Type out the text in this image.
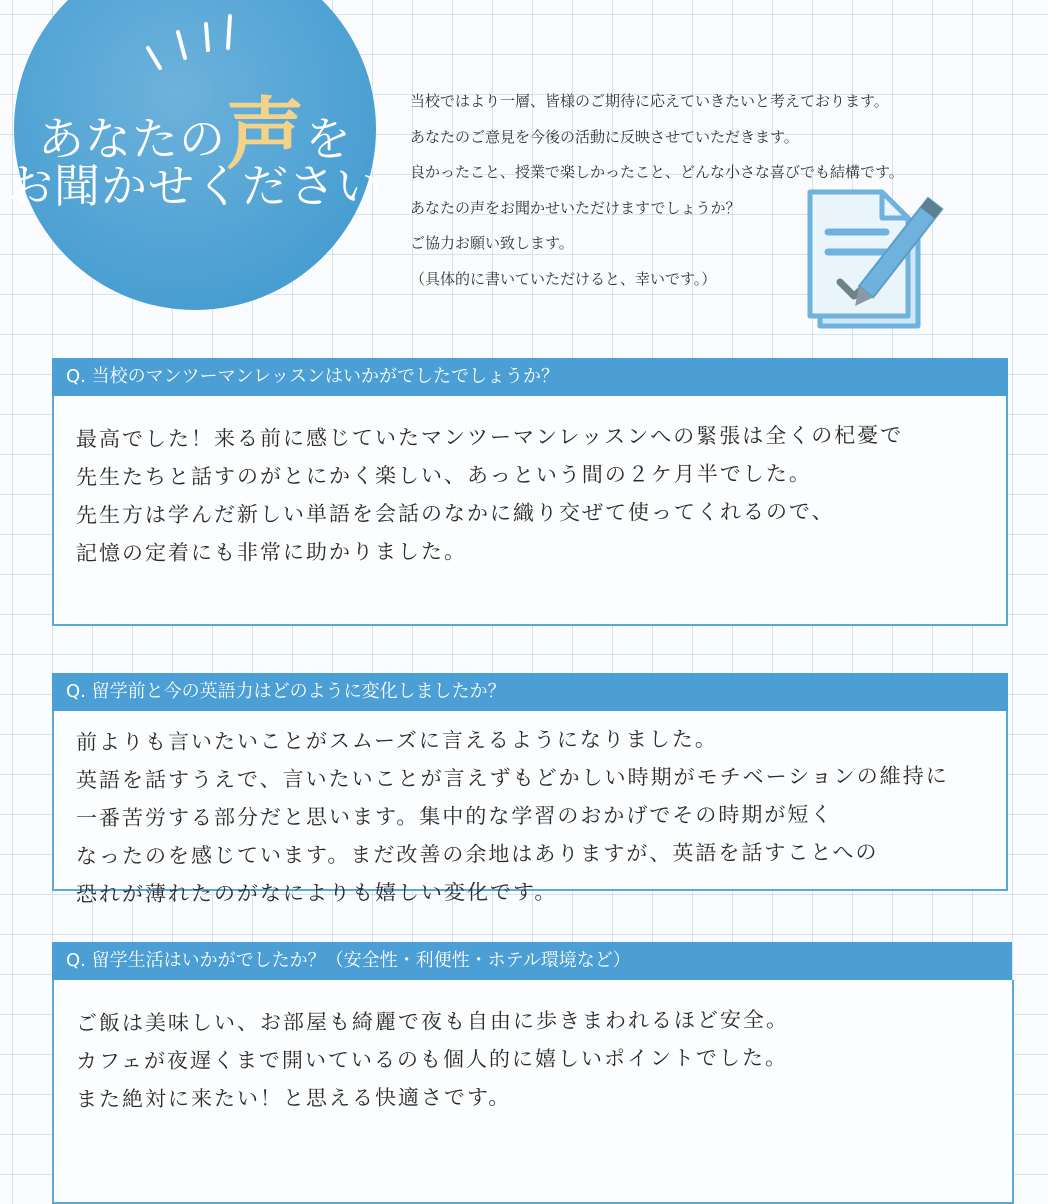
あなたの声を
お聞かせください

当校ではより一層、皆様のご期待に応えていきたいと考えております。

あなたのご意見を今後の活動に反映させていただきます。

良かったこと、授業で楽しかったこと、どんな小さな喜びでも結構です。

あなたの声をお聞かせいただけますでしょうか？

ご協力お願い致します。

（具体的に書いていただけると、幸いです。）

Q. 当校のマンツーマンレッスンはいかがでしたでしょうか？

最高でした！来る前に感じていたマンツーマンレッスンへの緊張は全くの杞憂で

先生たちと話すのがとにかく楽しい、あっという間の２ケ月半でした。

先生方は学んだ新しい単語を会話のなかに織り交ぜて使ってくれるので、

記憶の定着にも非常に助かりました。

Q. 留学前と今の英語力はどのように変化しましたか？

前よりも言いたいことがスムーズに言えるようになりました。

英語を話すうえで、言いたいことが言えずもどかしい時期がモチベーションの維持に

一番苦労する部分だと思います。集中的な学習のおかげでその時期が短く

なったのを感じています。まだ改善の余地はありますが、英語を話すことへの

恐れが薄れたのがなによりも嬉しい変化です。

Q. 留学生活はいかがでしたか？（安全性・利便性・ホテル環境など）

ご飯は美味しい、お部屋も綺麗で夜も自由に歩きまわれるほど安全。

カフェが夜遅くまで開いているのも個人的に嬉しいポイントでした。

また絶対に来たい！と思える快適さです。
